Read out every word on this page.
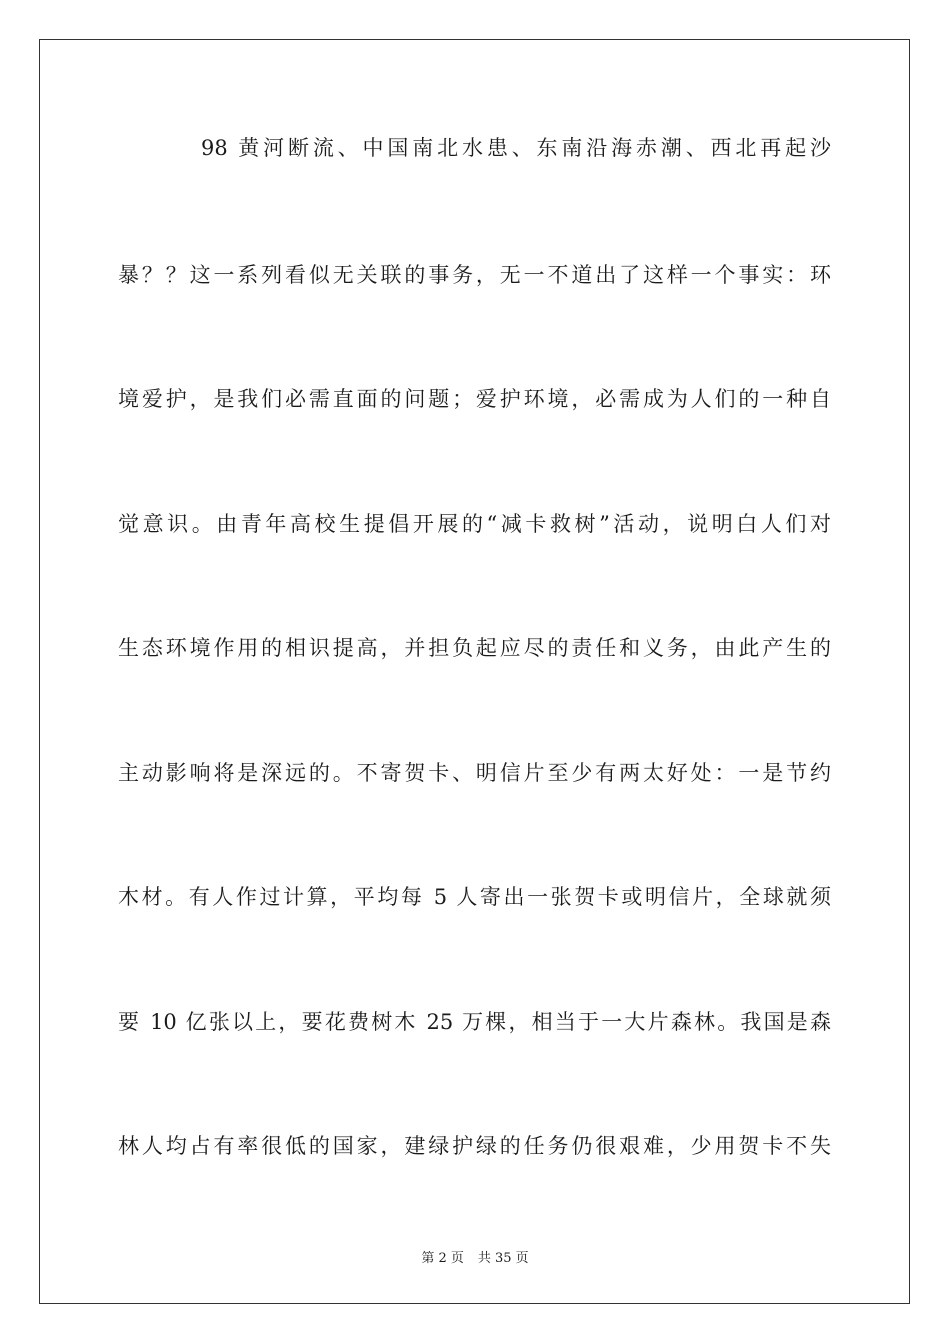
98 黄河断流、中国南北水患、东南沿海赤潮、西北再起沙
暴？？这一系列看似无关联的事务，无一不道出了这样一个事实：环
境爱护，是我们必需直面的问题；爱护环境，必需成为人们的一种自
觉意识。由青年高校生提倡开展的“减卡救树”活动，说明白人们对
生态环境作用的相识提高，并担负起应尽的责任和义务，由此产生的
主动影响将是深远的。不寄贺卡、明信片至少有两太好处：一是节约
木材。有人作过计算，平均每 5 人寄出一张贺卡或明信片，全球就须
要 10 亿张以上，要花费树木 25 万棵，相当于一大片森林。我国是森
林人均占有率很低的国家，建绿护绿的任务仍很艰难，少用贺卡不失
第 2 页 共 35 页
